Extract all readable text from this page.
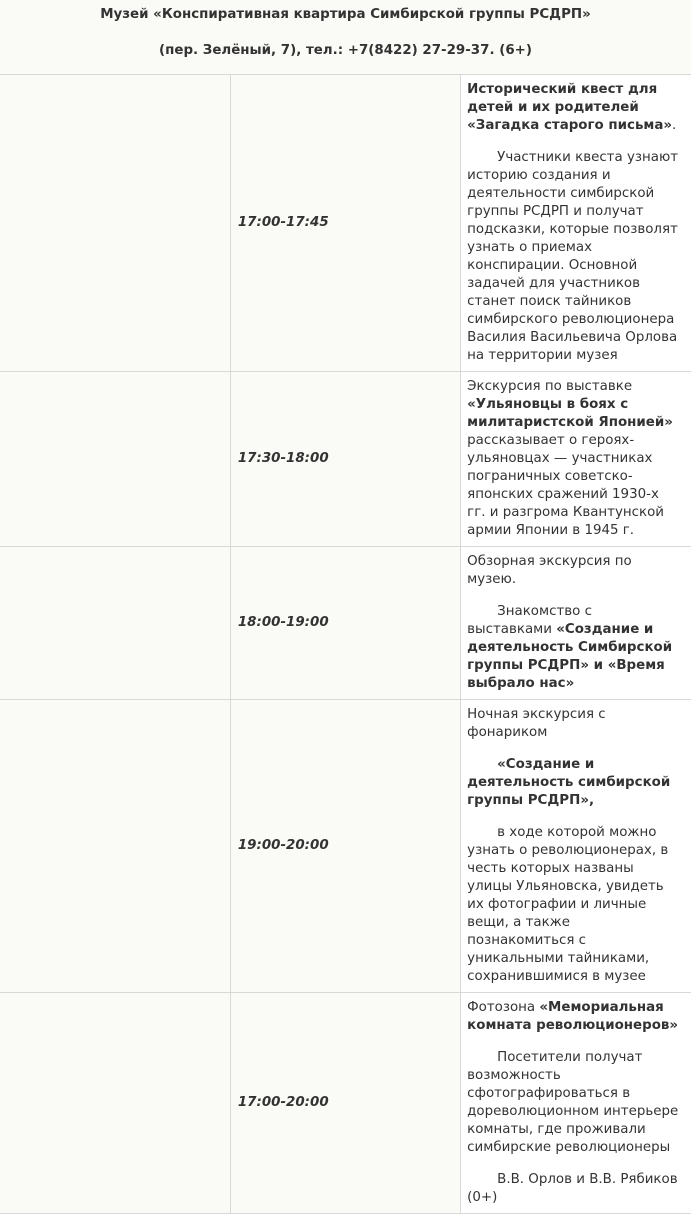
Музей «Конспиративная квартира Симбирской группы РСДРП»
(пер. Зелёный, 7), тел.: +7(8422) 27-29-37. (6+)		

	17:00-17:45	Исторический квест для детей и их родителей «Загадка старого письма».

Участники квеста узнают историю создания и деятельности симбирской группы РСДРП и получат подсказки, которые позволят узнать о приемах конспирации. Основной задачей для участников станет поиск тайников симбирского революционера Василия Васильевича Орлова на территории музея

	17:30-18:00	Экскурсия по выставке «Ульяновцы в боях с милитаристской Японией» рассказывает о героях-ульяновцах — участниках пограничных советско-японских сражений 1930-х гг. и разгрома Квантунской армии Японии в 1945 г.

	18:00-19:00	Обзорная экскурсия по музею.

Знакомство с выставками «Создание и деятельность Симбирской группы РСДРП» и «Время выбрало нас»

	19:00-20:00	Ночная экскурсия с фонариком

«Создание и деятельность симбирской группы РСДРП»,

в ходе которой можно узнать о революционерах, в честь которых названы улицы Ульяновска, увидеть их фотографии и личные вещи, а также познакомиться с уникальными тайниками, сохранившимися в музее

	17:00-20:00	Фотозона «Мемориальная комната революционеров»

Посетители получат возможность сфотографироваться в дореволюционном интерьере комнаты, где проживали симбирские революционеры

В.В. Орлов и В.В. Рябиков (0+)
